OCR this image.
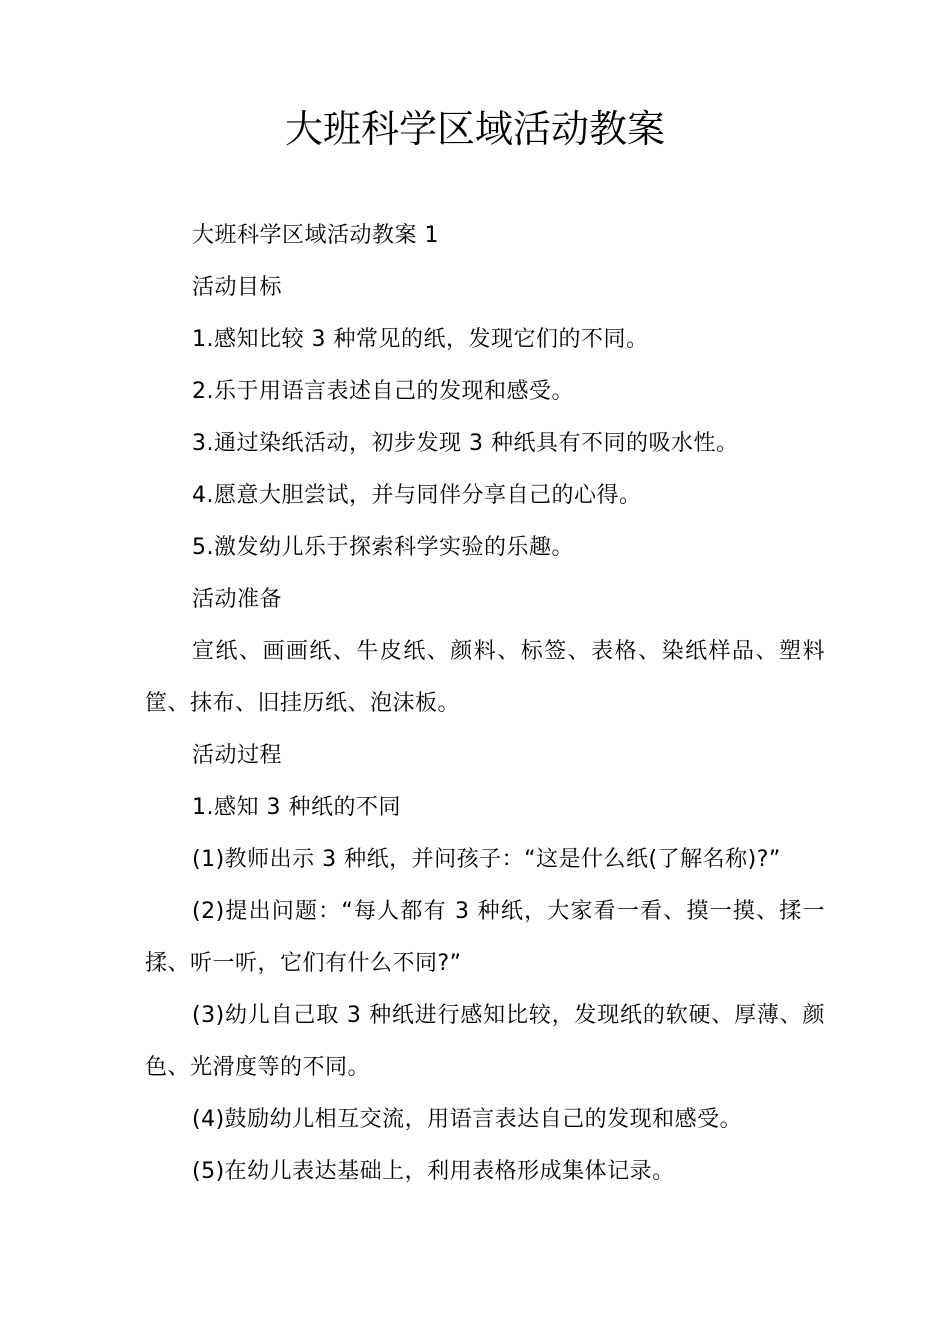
大班科学区域活动教案

大班科学区域活动教案 1

活动目标

1.感知比较 3 种常见的纸，发现它们的不同。

2.乐于用语言表述自己的发现和感受。

3.通过染纸活动，初步发现 3 种纸具有不同的吸水性。

4.愿意大胆尝试，并与同伴分享自己的心得。

5.激发幼儿乐于探索科学实验的乐趣。

活动准备

宣纸、画画纸、牛皮纸、颜料、标签、表格、染纸样品、塑料筐、抹布、旧挂历纸、泡沫板。

活动过程

1.感知 3 种纸的不同

(1)教师出示 3 种纸，并问孩子：“这是什么纸(了解名称)?”

(2)提出问题：“每人都有 3 种纸，大家看一看、摸一摸、揉一揉、听一听，它们有什么不同?”

(3)幼儿自己取 3 种纸进行感知比较，发现纸的软硬、厚薄、颜色、光滑度等的不同。

(4)鼓励幼儿相互交流，用语言表达自己的发现和感受。

(5)在幼儿表达基础上，利用表格形成集体记录。
